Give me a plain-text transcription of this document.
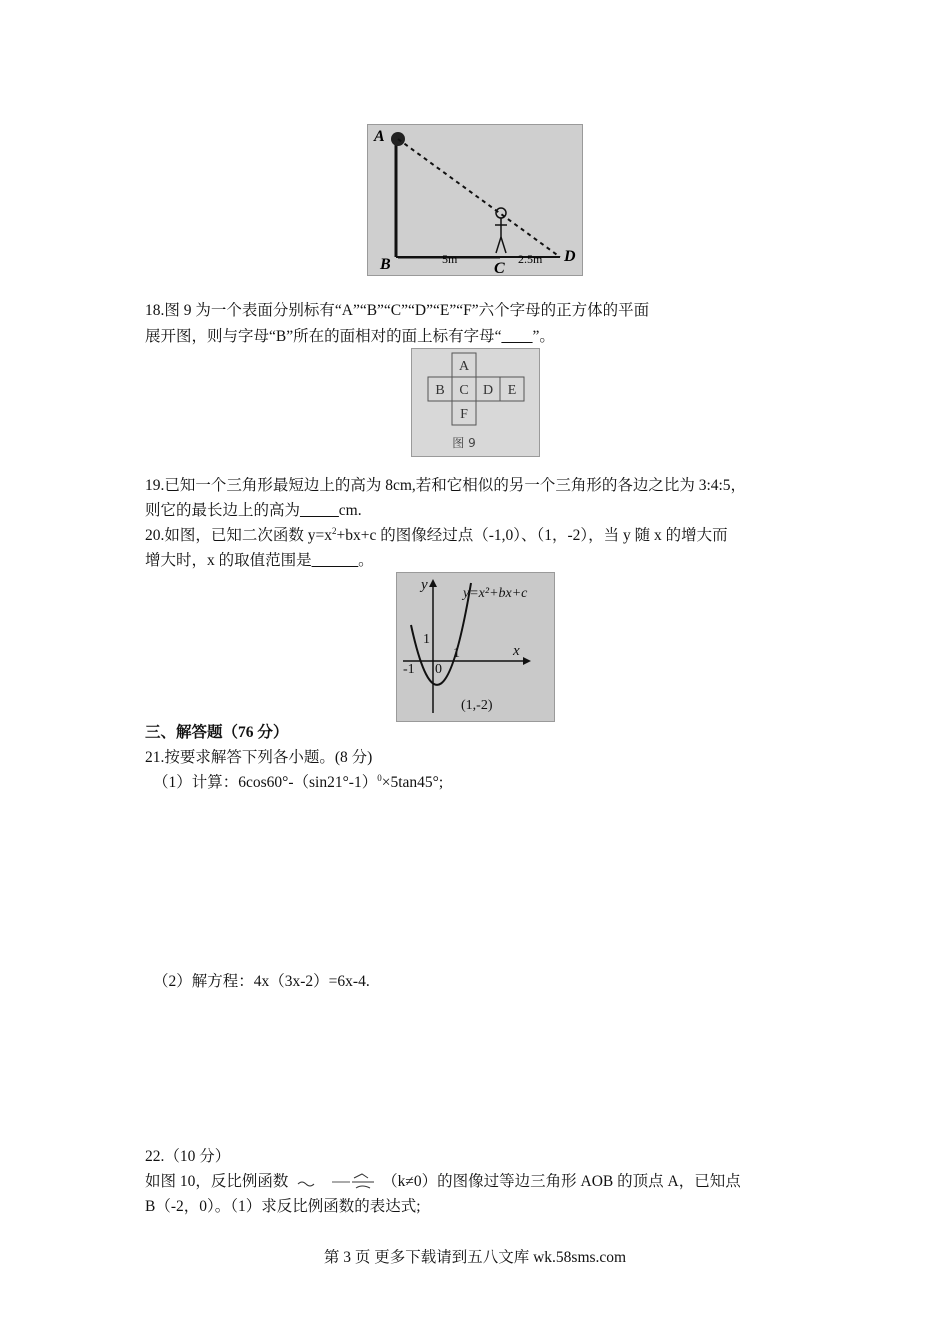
A
B	C
D
5m	2.5m
18.图 9 为一个表面分别标有“A”“B”“C”“D”“E”“F”六个字母的正方体的平面
展开图，则与字母“B”所在的面相对的面上标有字母“____”。
A
B C D E
F
图 9
19.已知一个三角形最短边上的高为 8cm,若和它相似的另一个三角形的各边之比为 3:4:5，
则它的最长边上的高为_____cm.
20.如图，已知二次函数 $y=x^2+bx+c$ 的图像经过点（-1,0）、（1，-2），当 y 随 x 的增大而
增大时，x 的取值范围是______。
y=x²+bx+c
y
x
1
1
0
-1
(1,-2)
三、解答题（76 分）
21.按要求解答下列各小题。(8 分)
（1）计算：$6\cos 60^\circ-(\sin 21^\circ-1)^0\times 5\tan 45^\circ$;
（2）解方程：4x（3x-2）=6x-4.
22.（10 分）
如图 10，反比例函数	（k≠0）的图像过等边三角形 AOB 的顶点 A，已知点
B（-2，0）。（1）求反比例函数的表达式;
第 3 页 更多下载请到五八文库 wk.58sms.com
